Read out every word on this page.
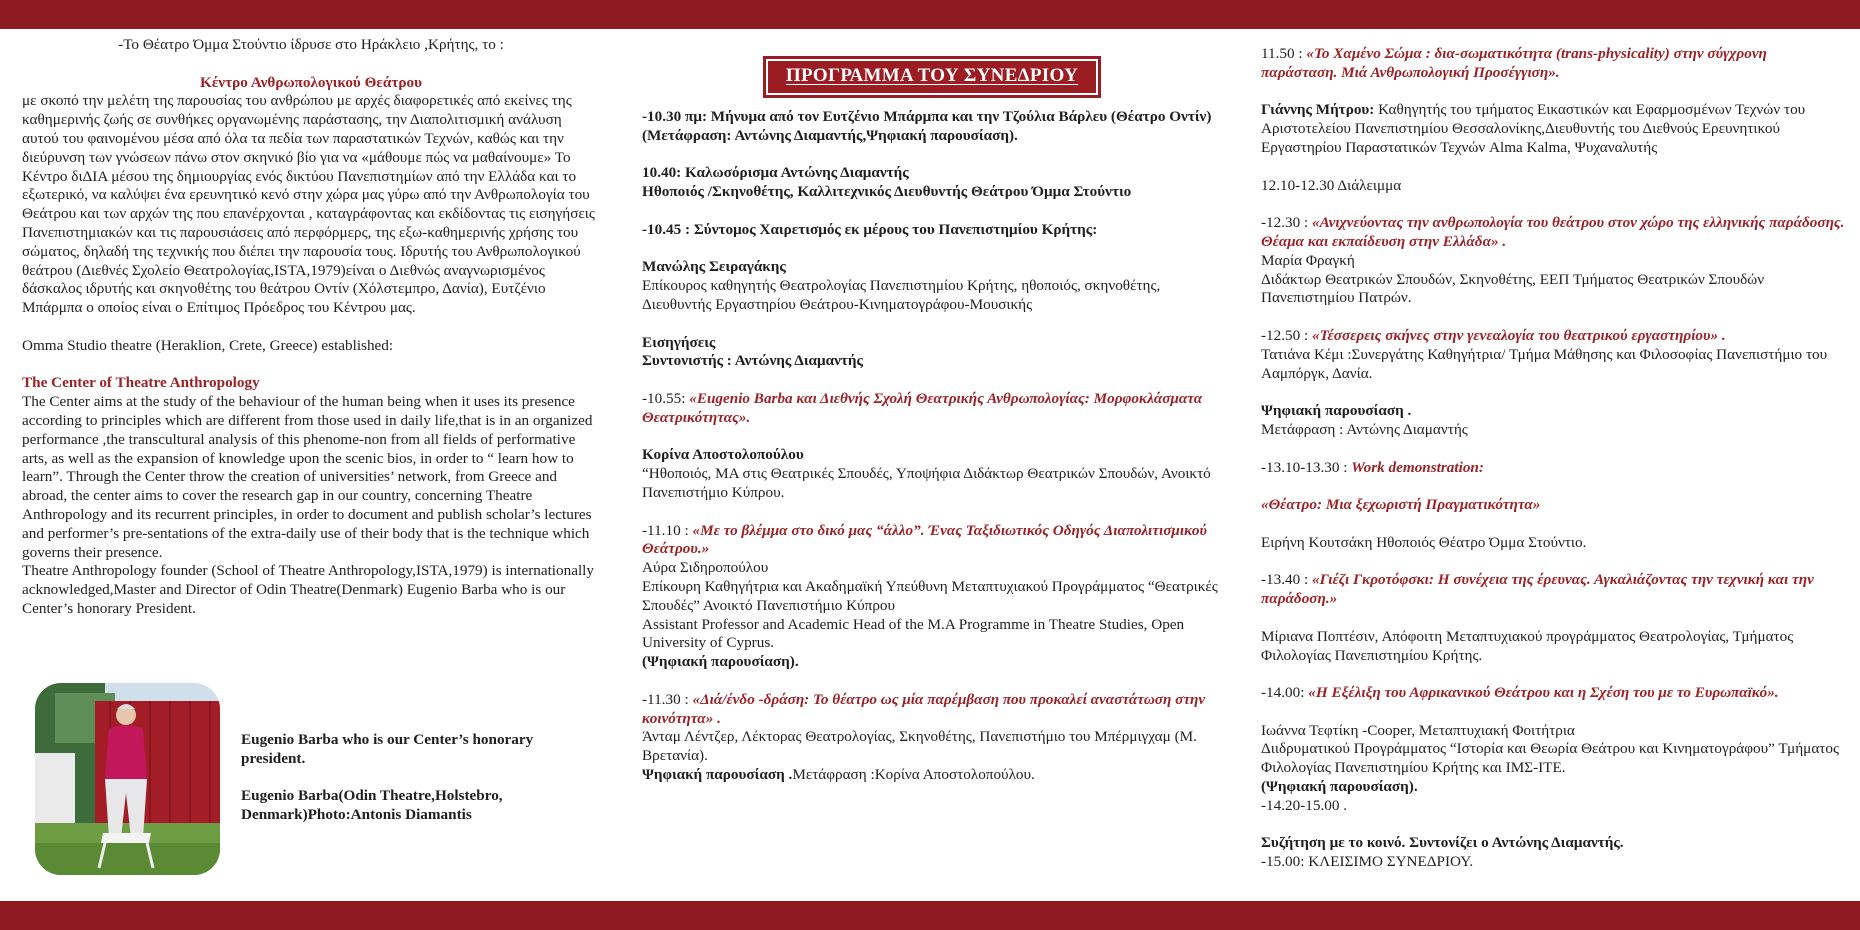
-Το Θέατρο Όμμα Στούντιο ίδρυσε στο Ηράκλειο ,Κρήτης, το :

Κέντρο Ανθρωπολογικού Θεάτρου

με σκοπό την μελέτη της παρουσίας του ανθρώπου με αρχές διαφορετικές από εκείνες της καθημερινής ζωής σε συνθήκες οργανωμένης παράστασης, την Διαπολιτισμική ανάλυση αυτού του φαινομένου μέσα από όλα τα πεδία των παραστατικών Τεχνών, καθώς και την διεύρυνση των γνώσεων πάνω στον σκηνικό βίο για να «μάθουμε πώς να μαθαίνουμε» Το Κέντρο διΔΙΑ μέσου της δημιουργίας ενός δικτύου Πανεπιστημίων από την Ελλάδα και το εξωτερικό, να καλύψει ένα ερευνητικό κενό στην χώρα μας γύρω από την Ανθρωπολογία του Θεάτρου και των αρχών της που επανέρχονται , καταγράφοντας και εκδίδοντας τις εισηγήσεις Πανεπιστημιακών και τις παρουσιάσεις από περφόρμερς, της εξω-καθημερινής χρήσης του σώματος, δηλαδή της τεχνικής που διέπει την παρουσία τους. Ιδρυτής του Ανθρωπολογικού θεάτρου (Διεθνές Σχολείο Θεατρολογίας,ISTA,1979)είναι ο Διεθνώς αναγνωρισμένος δάσκαλος ιδρυτής και σκηνοθέτης του θεάτρου Οντίν (Χόλστεμπρο, Δανία), Ευτζένιο Μπάρμπα ο οποίος είναι ο Επίτιμος Πρόεδρος του Κέντρου μας.

Omma Studio theatre (Heraklion, Crete, Greece) established:

The Center of Theatre Anthropology

The Center aims at the study of the behaviour of the human being when it uses its presence according to principles which are different from those used in daily life,that is in an organized performance ,the transcultural analysis of this phenome-non from all fields of performative arts, as well as the expansion of knowledge upon the scenic bios, in order to “ learn how to learn”. Through the Center throw the creation of universities’ network, from Greece and abroad, the center aims to cover the research gap in our country, concerning Theatre Anthropology and its recurrent principles, in order to document and publish scholar’s lectures and performer’s pre-sentations of the extra-daily use of their body that is the technique which governs their presence.

Theatre Anthropology founder (School of Theatre Anthropology,ISTA,1979) is internationally acknowledged,Master and Director of Odin Theatre(Denmark) Eugenio Barba who is our Center’s honorary President.

Eugenio Barba who is our Center’s honorary president.

Eugenio Barba(Odin Theatre,Holstebro, Denmark)Photo:Antonis Diamantis

ΠΡΟΓΡΑΜΜΑ ΤΟΥ ΣΥΝΕΔΡΙΟΥ

-10.30 πμ: Μήνυμα από τον Ευτζένιο Μπάρμπα και την Τζούλια Βάρλευ (Θέατρο Οντίν)

(Μετάφραση: Αντώνης Διαμαντής,Ψηφιακή παρουσίαση).

10.40: Καλωσόρισμα Αντώνης Διαμαντής

Ηθοποιός /Σκηνοθέτης, Καλλιτεχνικός Διευθυντής Θεάτρου Όμμα Στούντιο

-10.45 : Σύντομος Χαιρετισμός εκ μέρους του Πανεπιστημίου Κρήτης:

Μανώλης Σειραγάκης

Επίκουρος καθηγητής Θεατρολογίας Πανεπιστημίου Κρήτης, ηθοποιός, σκηνοθέτης,

Διευθυντής Εργαστηρίου Θεάτρου-Κινηματογράφου-Μουσικής

Εισηγήσεις

Συντονιστής : Αντώνης Διαμαντής

-10.55: «Eugenio Barba και Διεθνής Σχολή Θεατρικής Ανθρωπολογίας: Μορφοκλάσματα Θεατρικότητας».

Κορίνα Αποστολοπούλου

“Ηθοποιός, ΜΑ στις Θεατρικές Σπουδές, Υποψήφια Διδάκτωρ Θεατρικών Σπουδών, Ανοικτό Πανεπιστήμιο Κύπρου.

-11.10 : «Με το βλέμμα στο δικό μας “άλλο”. Ένας Ταξιδιωτικός Οδηγός Διαπολιτισμικού Θεάτρου.»

Αύρα Σιδηροπούλου

Επίκουρη Καθηγήτρια και Ακαδημαϊκή Υπεύθυνη Μεταπτυχιακού Προγράμματος “Θεατρικές Σπουδές” Ανοικτό Πανεπιστήμιο Κύπρου

Assistant Professor and Academic Head of the M.A Programme in Theatre Studies, Open University of Cyprus.

(Ψηφιακή παρουσίαση).

-11.30 : «Διά/ένδο -δράση: Το θέατρο ως μία παρέμβαση που προκαλεί αναστάτωση στην κοινότητα» .

Άνταμ Λέντζερ, Λέκτορας Θεατρολογίας, Σκηνοθέτης, Πανεπιστήμιο του Μπέρμιγχαμ (Μ. Βρετανία).

Ψηφιακή παρουσίαση .Μετάφραση :Κορίνα Αποστολοπούλου.

11.50 : «Το Χαμένο Σώμα : δια-σωματικότητα (trans-physicality) στην σύγχρονη παράσταση. Μιά Ανθρωπολογική Προσέγγιση».

Γιάννης Μήτρου: Καθηγητής του τμήματος Εικαστικών και Εφαρμοσμένων Τεχνών του Αριστοτελείου Πανεπιστημίου Θεσσαλονίκης,Διευθυντής του Διεθνούς Ερευνητικού Εργαστηρίου Παραστατικών Τεχνών Alma Kalma, Ψυχαναλυτής

12.10-12.30 Διάλειμμα

-12.30 : «Ανιχνεύοντας την ανθρωπολογία του θεάτρου στον χώρο της ελληνικής παράδοσης. Θέαμα και εκπαίδευση στην Ελλάδα» .

Μαρία Φραγκή

Διδάκτωρ Θεατρικών Σπουδών, Σκηνοθέτης, ΕΕΠ Τμήματος Θεατρικών Σπουδών Πανεπιστημίου Πατρών.

-12.50 : «Τέσσερεις σκήνες στην γενεαλογία του θεατρικού εργαστηρίου» .

Τατιάνα Κέμι :Συνεργάτης Καθηγήτρια/ Τμήμα Μάθησης και Φιλοσοφίας Πανεπιστήμιο του Ααμπόργκ, Δανία.

Ψηφιακή παρουσίαση .

Μετάφραση : Αντώνης Διαμαντής

-13.10-13.30 : Work demonstration:

«Θέατρο: Μια ξεχωριστή Πραγματικότητα»

Ειρήνη Κουτσάκη Ηθοποιός Θέατρο Όμμα Στούντιο.

-13.40 : «Γιέζι Γκροτόφσκι: Η συνέχεια της έρευνας. Αγκαλιάζοντας την τεχνική και την παράδοση.»

Μίριανα Ποπτέσιν, Απόφοιτη Μεταπτυχιακού προγράμματος Θεατρολογίας, Τμήματος Φιλολογίας Πανεπιστημίου Κρήτης.

-14.00: «Η Εξέλιξη του Αφρικανικού Θεάτρου και η Σχέση του με το Ευρωπαϊκό».

Ιωάννα Τεφτίκη -Cooper, Μεταπτυχιακή Φοιτήτρια

Διιδρυματικού Προγράμματος “Ιστορία και Θεωρία Θεάτρου και Κινηματογράφου” Τμήματος Φιλολογίας Πανεπιστημίου Κρήτης και ΙΜΣ-ΙΤΕ.

(Ψηφιακή παρουσίαση).

-14.20-15.00 .

Συζήτηση με το κοινό. Συντονίζει ο Αντώνης Διαμαντής.

-15.00: ΚΛΕΙΣΙΜΟ ΣΥΝΕΔΡΙΟΥ.
